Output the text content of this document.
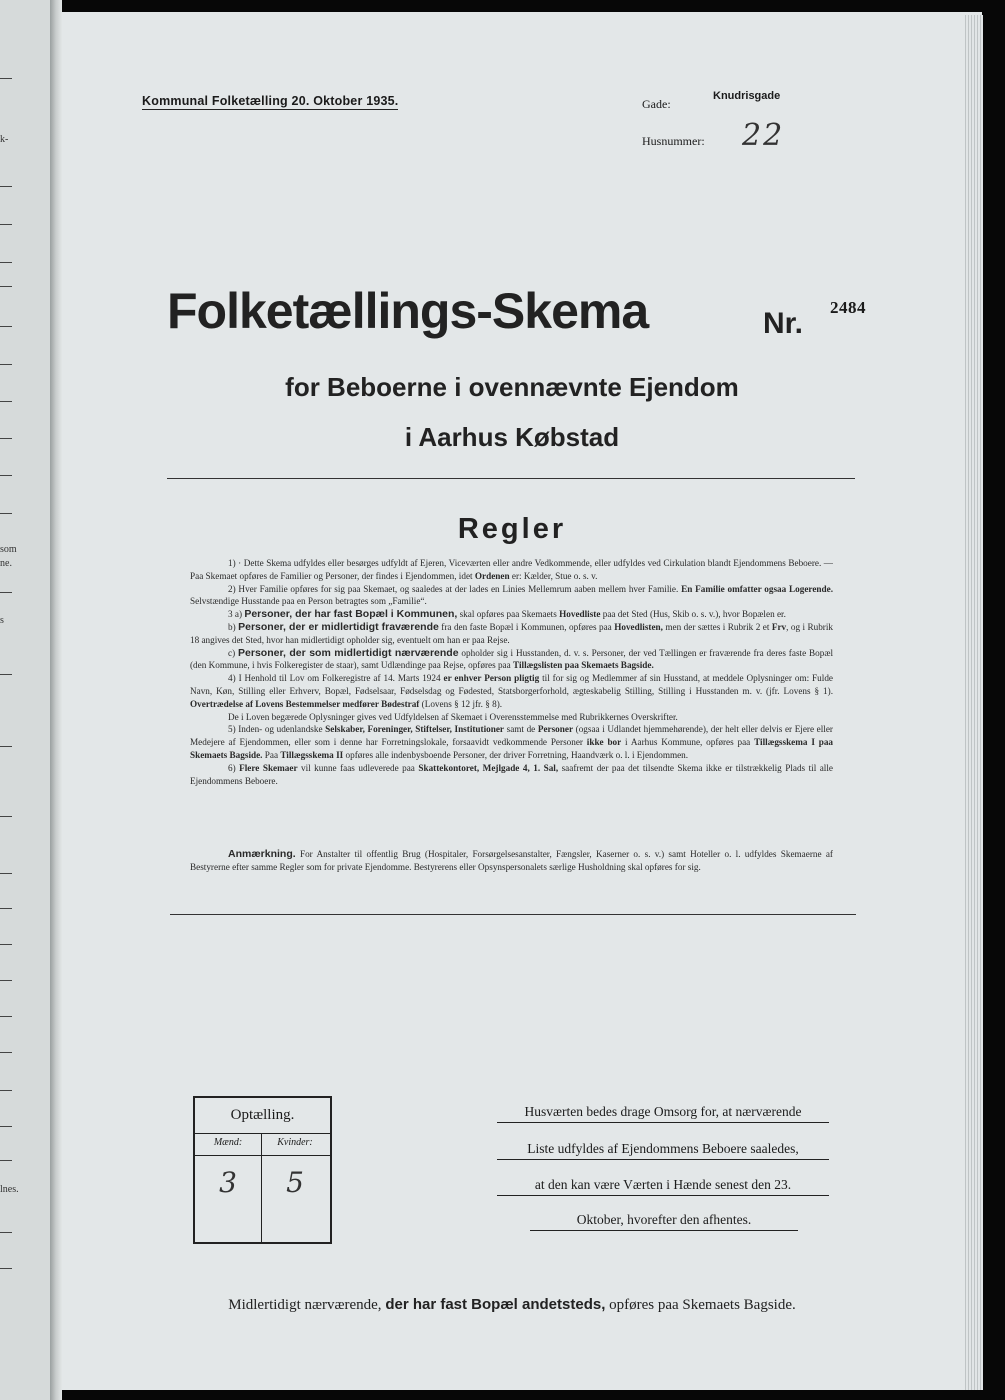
k-
som
ne.
s
lnes.
Kommunal Folketælling 20. Oktober 1935.	Gade:
Knudrisgade
Husnummer: 22
Folketællings-Skema	Nr. 2484
for Beboerne i ovennævnte Ejendom
i Aarhus Købstad
Regler

1) · Dette Skema udfyldes eller besørges udfyldt af Ejeren, Viceværten eller andre Vedkommende, eller udfyldes ved Cirkulation blandt Ejendommens Beboere. — Paa Skemaet opføres de Familier og Personer, der findes i Ejendommen, idet Ordenen er: Kælder, Stue o. s. v.

2) Hver Familie opføres for sig paa Skemaet, og saaledes at der lades en Linies Mellemrum aaben mellem hver Familie. En Familie omfatter ogsaa Logerende. Selvstændige Husstande paa en Person betragtes som „Familie“.

3 a) Personer, der har fast Bopæl i Kommunen, skal opføres paa Skemaets Hovedliste paa det Sted (Hus, Skib o. s. v.), hvor Bopælen er.

b) Personer, der er midlertidigt fraværende fra den faste Bopæl i Kommunen, opføres paa Hovedlisten, men der sættes i Rubrik 2 et Frv, og i Rubrik 18 angives det Sted, hvor han midlertidigt opholder sig, eventuelt om han er paa Rejse.

c) Personer, der som midlertidigt nærværende opholder sig i Husstanden, d. v. s. Personer, der ved Tællingen er fraværende fra deres faste Bopæl (den Kommune, i hvis Folkeregister de staar), samt Udlændinge paa Rejse, opføres paa Tillægslisten paa Skemaets Bagside.

4) I Henhold til Lov om Folkeregistre af 14. Marts 1924 er enhver Person pligtig til for sig og Medlemmer af sin Husstand, at meddele Oplysninger om: Fulde Navn, Køn, Stilling eller Erhverv, Bopæl, Fødselsaar, Fødselsdag og Fødested, Statsborgerforhold, ægteskabelig Stilling, Stilling i Husstanden m. v. (jfr. Lovens § 1). Overtrædelse af Lovens Bestemmelser medfører Bødestraf (Lovens § 12 jfr. § 8).

De i Loven begærede Oplysninger gives ved Udfyldelsen af Skemaet i Overensstemmelse med Rubrikkernes Overskrifter.

5) Inden- og udenlandske Selskaber, Foreninger, Stiftelser, Institutioner samt de Personer (ogsaa i Udlandet hjemmehørende), der helt eller delvis er Ejere eller Medejere af Ejendommen, eller som i denne har Forretningslokale, forsaavidt vedkommende Personer ikke bor i Aarhus Kommune, opføres paa Tillægsskema I paa Skemaets Bagside. Paa Tillægsskema II opføres alle indenbysboende Personer, der driver Forretning, Haandværk o. l. i Ejendommen.

6) Flere Skemaer vil kunne faas udleverede paa Skattekontoret, Mejlgade 4, 1. Sal, saafremt der paa det tilsendte Skema ikke er tilstrækkelig Plads til alle Ejendommens Beboere.

Anmærkning. For Anstalter til offentlig Brug (Hospitaler, Forsørgelsesanstalter, Fængsler, Kaserner o. s. v.) samt Hoteller o. l. udfyldes Skemaerne af Bestyrerne efter samme Regler som for private Ejendomme. Bestyrerens eller Opsynspersonalets særlige Husholdning skal opføres for sig.
Optælling.
Mænd:	Kvinder:
3	5
Husværten bedes drage Omsorg for, at nærværende
Liste udfyldes af Ejendommens Beboere saaledes,
at den kan være Værten i Hænde senest den 23.
Oktober, hvorefter den afhentes.
Midlertidigt nærværende, der har fast Bopæl andetsteds, opføres paa Skemaets Bagside.
